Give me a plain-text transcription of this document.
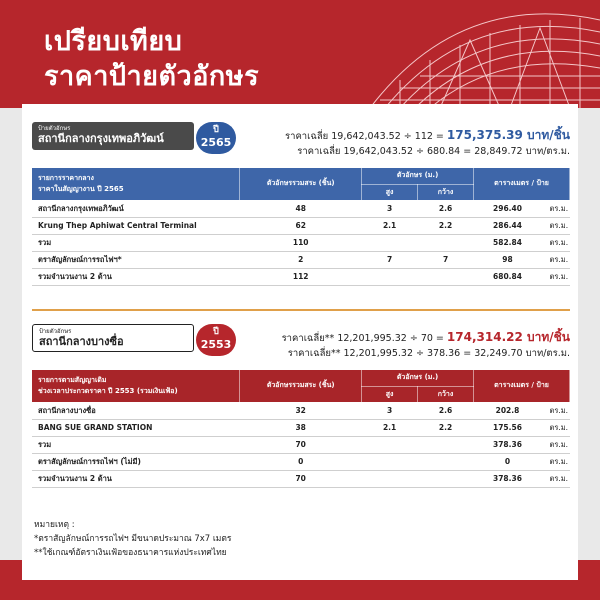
เปรียบเทียบ
ราคาป้ายตัวอักษร
ป้ายตัวอักษร
สถานีกลางกรุงเทพอภิวัฒน์
ปี
2565	ราคาเฉลี่ย 19,642,043.52 ÷ 112 = 175,375.39 บาท/ชิ้น
ราคาเฉลี่ย 19,642,043.52 ÷ 680.84 = 28,849.72 บาท/ตร.ม.
รายการราคากลาง
ราคาในสัญญางาน ปี 2565	ตัวอักษรรวมสระ (ชิ้น)	ตัวอักษร (ม.)		ตารางเมตร / ป้าย	
		สูง	กว้าง		
สถานีกลางกรุงเทพอภิวัฒน์	48	3	2.6	296.40	ตร.ม.
Krung Thep Aphiwat Central Terminal	62	2.1	2.2	286.44	ตร.ม.
รวม	110			582.84	ตร.ม.
ตราสัญลักษณ์การรถไฟฯ*	2	7	7	98	ตร.ม.
รวมจำนวนงาน 2 ด้าน	112			680.84	ตร.ม.
ป้ายตัวอักษร
สถานีกลางบางซื่อ
ปี
2553	ราคาเฉลี่ย** 12,201,995.32 ÷ 70 = 174,314.22 บาท/ชิ้น
ราคาเฉลี่ย** 12,201,995.32 ÷ 378.36 = 32,249.70 บาท/ตร.ม.
รายการตามสัญญาเดิม
ช่วงเวลาประกวดราคา ปี 2553 (รวมเงินเฟ้อ)	ตัวอักษรรวมสระ (ชิ้น)	ตัวอักษร (ม.)		ตารางเมตร / ป้าย	
		สูง	กว้าง		
สถานีกลางบางซื่อ	32	3	2.6	202.8	ตร.ม.
BANG SUE GRAND STATION	38	2.1	2.2	175.56	ตร.ม.
รวม	70			378.36	ตร.ม.
ตราสัญลักษณ์การรถไฟฯ (ไม่มี)	0			0	ตร.ม.
รวมจำนวนงาน 2 ด้าน	70			378.36	ตร.ม.
หมายเหตุ :
*ตราสัญลักษณ์การรถไฟฯ มีขนาดประมาณ 7x7 เมตร
**ใช้เกณฑ์อัตราเงินเฟ้อของธนาคารแห่งประเทศไทย
